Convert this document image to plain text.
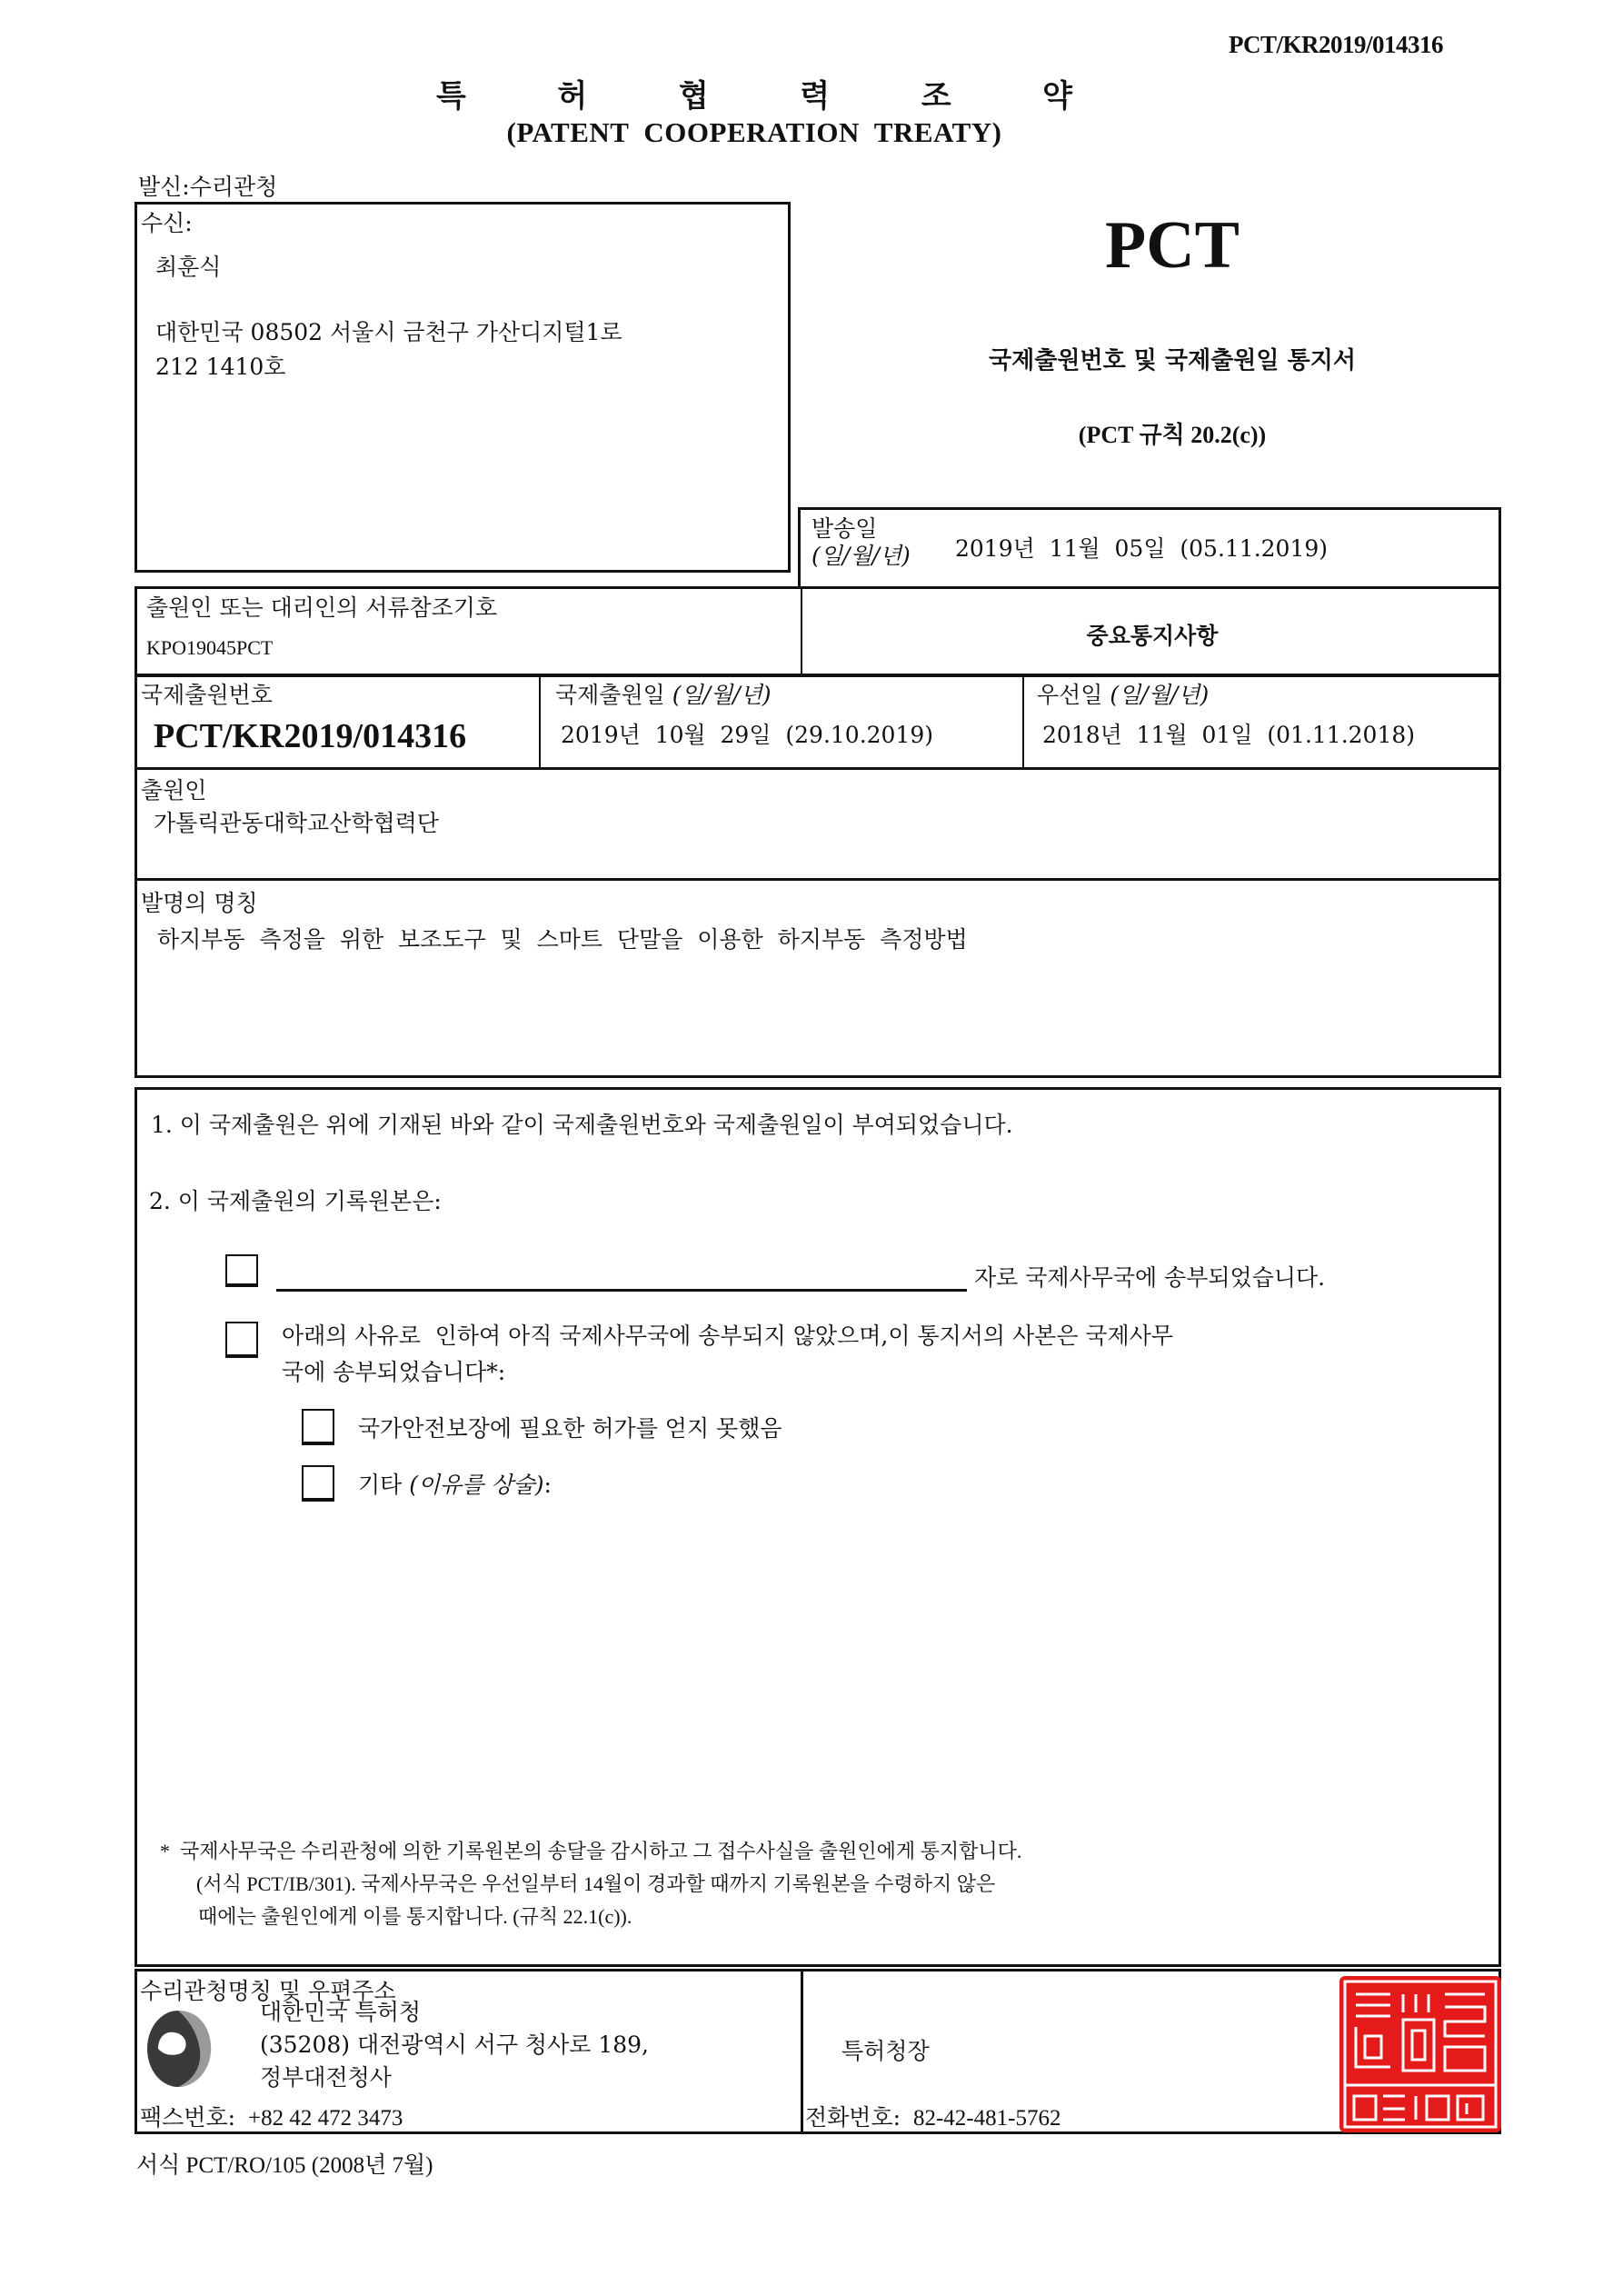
PCT/KR2019/014316
특	허	협	력	조	약
(PATENT  COOPERATION  TREATY)
발신:수리관청
수신:
최훈식
대한민국 08502 서울시 금천구 가산디지털1로
212 1410호
PCT
국제출원번호 및 국제출원일 통지서
(PCT 규칙 20.2(c))
발송일
(일/월/년) 2019년  11월  05일  (05.11.2019)
출원인 또는 대리인의 서류참조기호
KPO19045PCT	중요통지사항
국제출원번호
PCT/KR2019/014316
국제출원일 (일/월/년)
2019년  10월  29일  (29.10.2019)
우선일 (일/월/년)
2018년  11월  01일  (01.11.2018)
출원인
가톨릭관동대학교산학협력단
발명의 명칭
하지부동  측정을  위한  보조도구  및  스마트  단말을  이용한  하지부동  측정방법
1. 이 국제출원은 위에 기재된 바와 같이 국제출원번호와 국제출원일이 부여되었습니다.
2. 이 국제출원의 기록원본은:
자로 국제사무국에 송부되었습니다.
아래의 사유로  인하여 아직 국제사무국에 송부되지 않았으며,이 통지서의 사본은 국제사무
국에 송부되었습니다*:
국가안전보장에 필요한 허가를 얻지 못했음
기타 (이유를 상술):
*  국제사무국은 수리관청에 의한 기록원본의 송달을 감시하고 그 접수사실을 출원인에게 통지합니다.
(서식 PCT/IB/301). 국제사무국은 우선일부터 14월이 경과할 때까지 기록원본을 수령하지 않은
때에는 출원인에게 이를 통지합니다. (규칙 22.1(c)).
수리관청명칭 및 우편주소
대한민국 특허청
(35208) 대전광역시 서구 청사로 189,
정부대전청사
팩스번호: +82 42 472 3473
특허청장
전화번호: 82-42-481-5762
서식 PCT/RO/105 (2008년 7월)
